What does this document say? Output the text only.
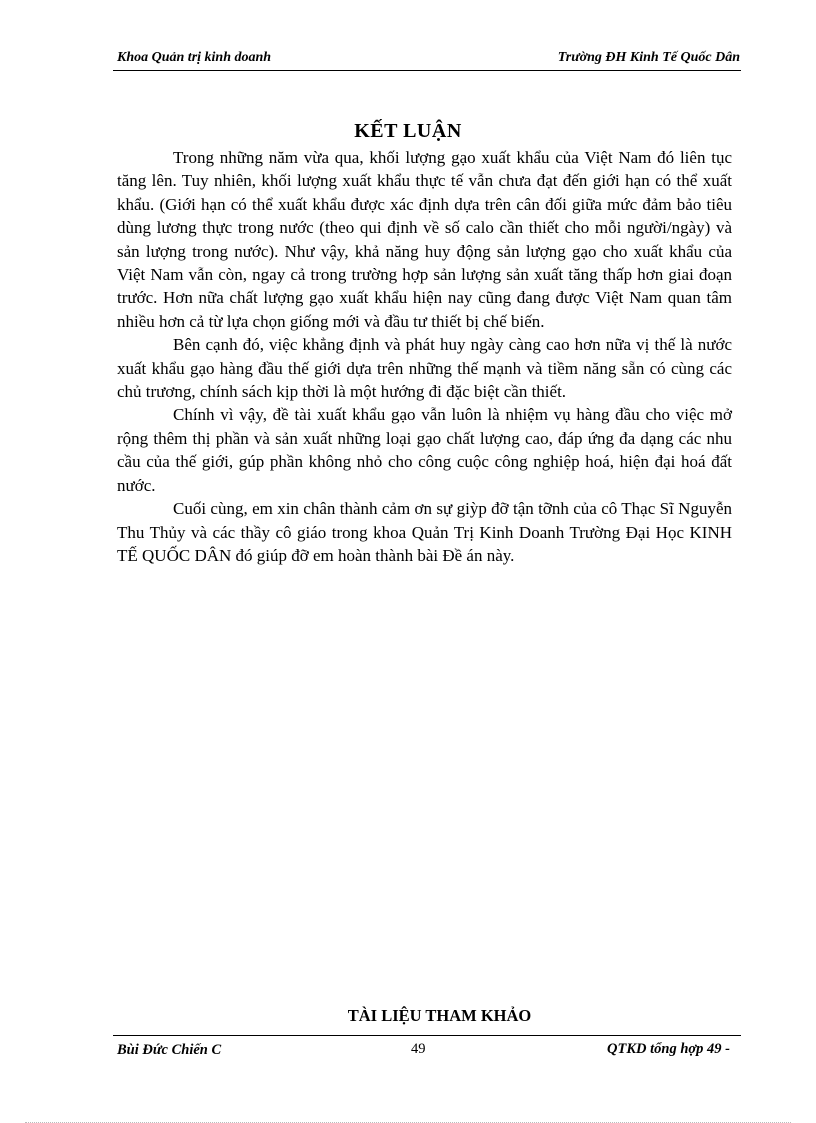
Khoa Quản trị kinh doanh	Trường ĐH Kinh Tế Quốc Dân
KẾT LUẬN

Trong những năm vừa qua, khối lượng gạo xuất khẩu của Việt Nam đó liên tục tăng lên. Tuy nhiên, khối lượng xuất khẩu thực tế vẫn chưa đạt đến giới hạn có thể xuất khẩu. (Giới hạn có thể xuất khẩu được xác định dựa trên cân đối giữa mức đảm bảo tiêu dùng lương thực trong nước (theo qui định về số calo cần thiết cho mỗi người/ngày) và sản lượng trong nước). Như vậy, khả năng huy động sản lượng gạo cho xuất khẩu của Việt Nam vẫn còn, ngay cả trong trường hợp sản lượng sản xuất tăng thấp hơn giai đoạn trước. Hơn nữa chất lượng gạo xuất khẩu hiện nay cũng đang được Việt Nam quan tâm nhiều hơn cả từ lựa chọn giống mới và đầu tư thiết bị chế biến.

Bên cạnh đó, việc khẳng định và phát huy ngày càng cao hơn nữa vị thế là nước xuất khẩu gạo hàng đầu thế giới dựa trên những thế mạnh và tiềm năng sẵn có cùng các chủ trương, chính sách kịp thời là một hướng đi đặc biệt cần thiết.

Chính vì vậy, đề tài xuất khẩu gạo vẫn luôn là nhiệm vụ hàng đầu cho việc mở rộng thêm thị phần và sản xuất những loại gạo chất lượng cao, đáp ứng đa dạng các nhu cầu của thế giới, gúp phần không nhỏ cho công cuộc công nghiệp hoá, hiện đại hoá đất nước.

Cuối cùng, em xin chân thành cảm ơn sự giỳp đỡ tận tỡnh của cô Thạc Sĩ Nguyễn Thu Thủy và các thầy cô giáo trong khoa Quản Trị Kinh Doanh Trường Đại Học KINH TẾ QUỐC DÂN đó giúp đỡ em hoàn thành bài Đề án này.

TÀI LIỆU THAM KHẢO
Bùi Đức Chiến C	49	QTKD tổng hợp 49 -
